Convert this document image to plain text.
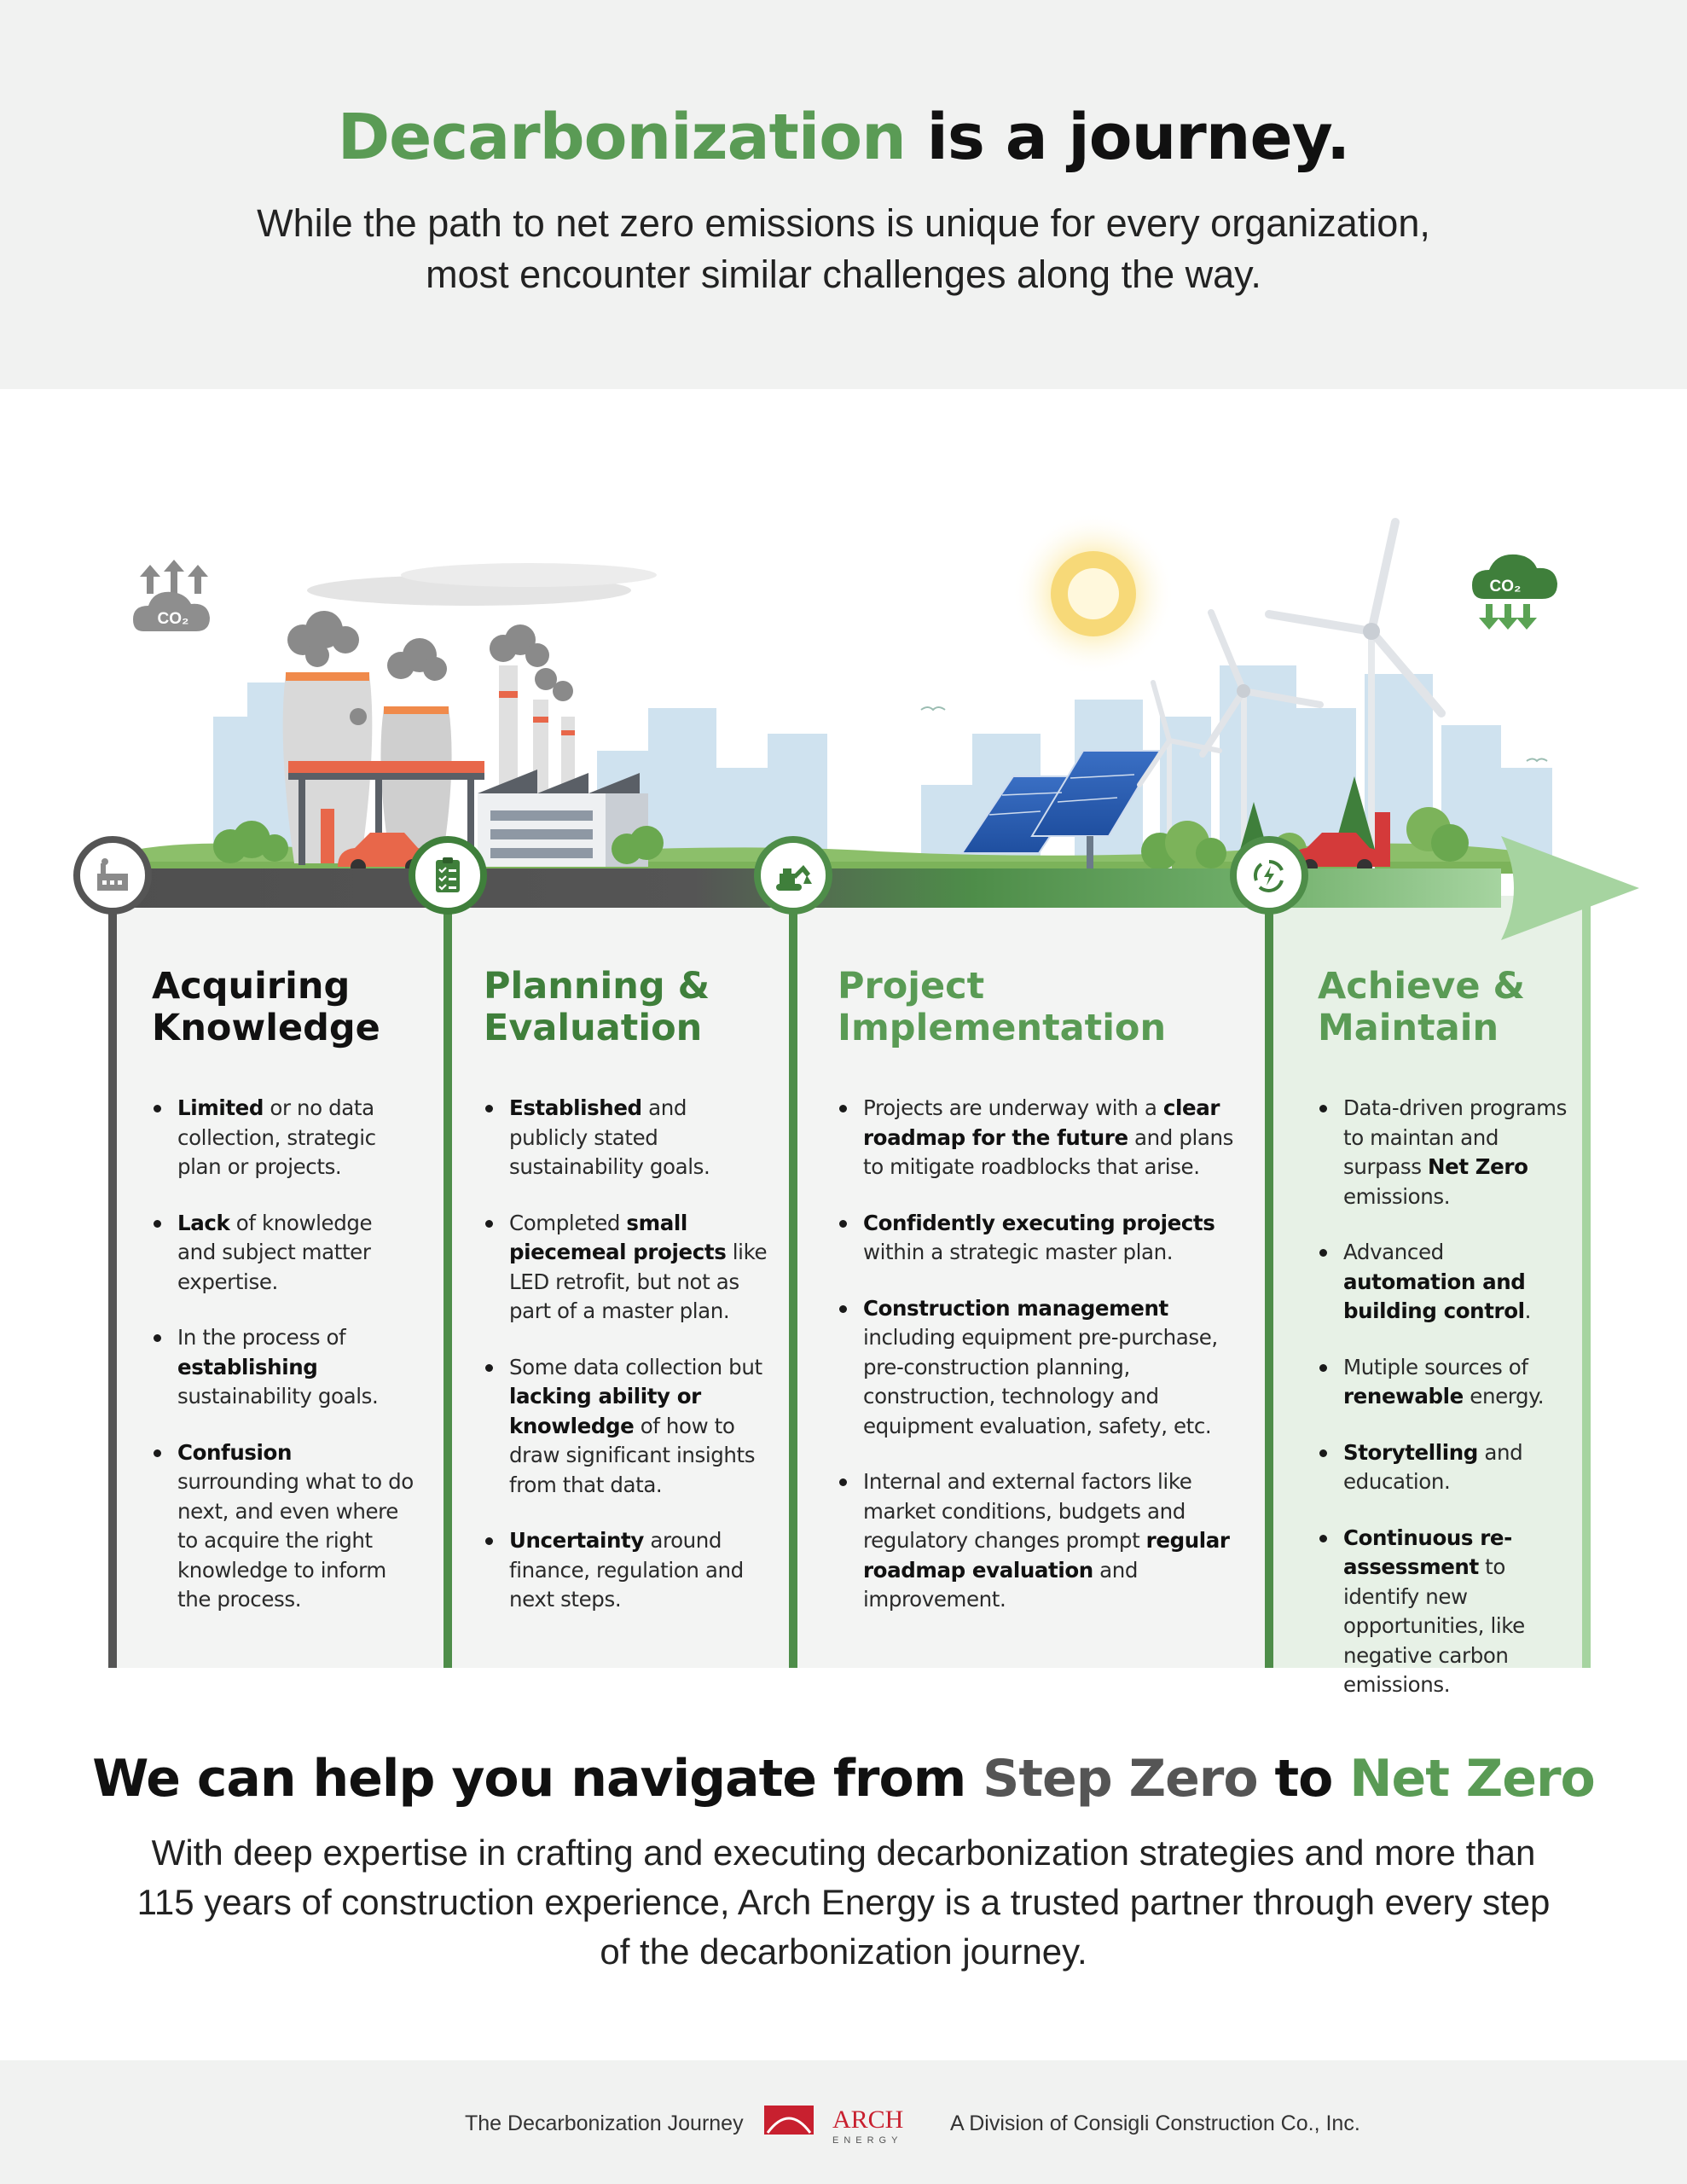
Decarbonization is a journey.
While the path to net zero emissions is unique for every organization,
most encounter similar challenges along the way.
CO₂
CO₂
Acquiring
Knowledge
Limited or no data collection, strategic plan or projects.
Lack of knowledge and subject matter expertise.
In the process of establishing sustainability goals.
Confusion surrounding what to do next, and even where to acquire the right knowledge to inform the process.
Planning &
Evaluation
Established and publicly stated sustainability goals.
Completed small piecemeal projects like LED retrofit, but not as part of a master plan.
Some data collection but lacking ability or knowledge of how to draw significant insights from that data.
Uncertainty around finance, regulation and next steps.
Project
Implementation
Projects are underway with a clear roadmap for the future and plans to mitigate roadblocks that arise.
Confidently executing projects within a strategic master plan.
Construction management including equipment pre-purchase, pre-construction planning, construction, technology and equipment evaluation, safety, etc.
Internal and external factors like market conditions, budgets and regulatory changes prompt regular roadmap evaluation and improvement.
Achieve &
Maintain
Data-driven programs to maintan and surpass Net Zero emissions.
Advanced automation and building control.
Mutiple sources of renewable energy.
Storytelling and education.
Continuous re-assessment to identify new opportunities, like negative carbon emissions.
We can help you navigate from Step Zero to Net Zero
With deep expertise in crafting and executing decarbonization strategies and more than 115 years of construction experience, Arch Energy is a trusted partner through every step of the decarbonization journey.
The Decarbonization Journey	ARCH
ENERGY
A Division of Consigli Construction Co., Inc.
